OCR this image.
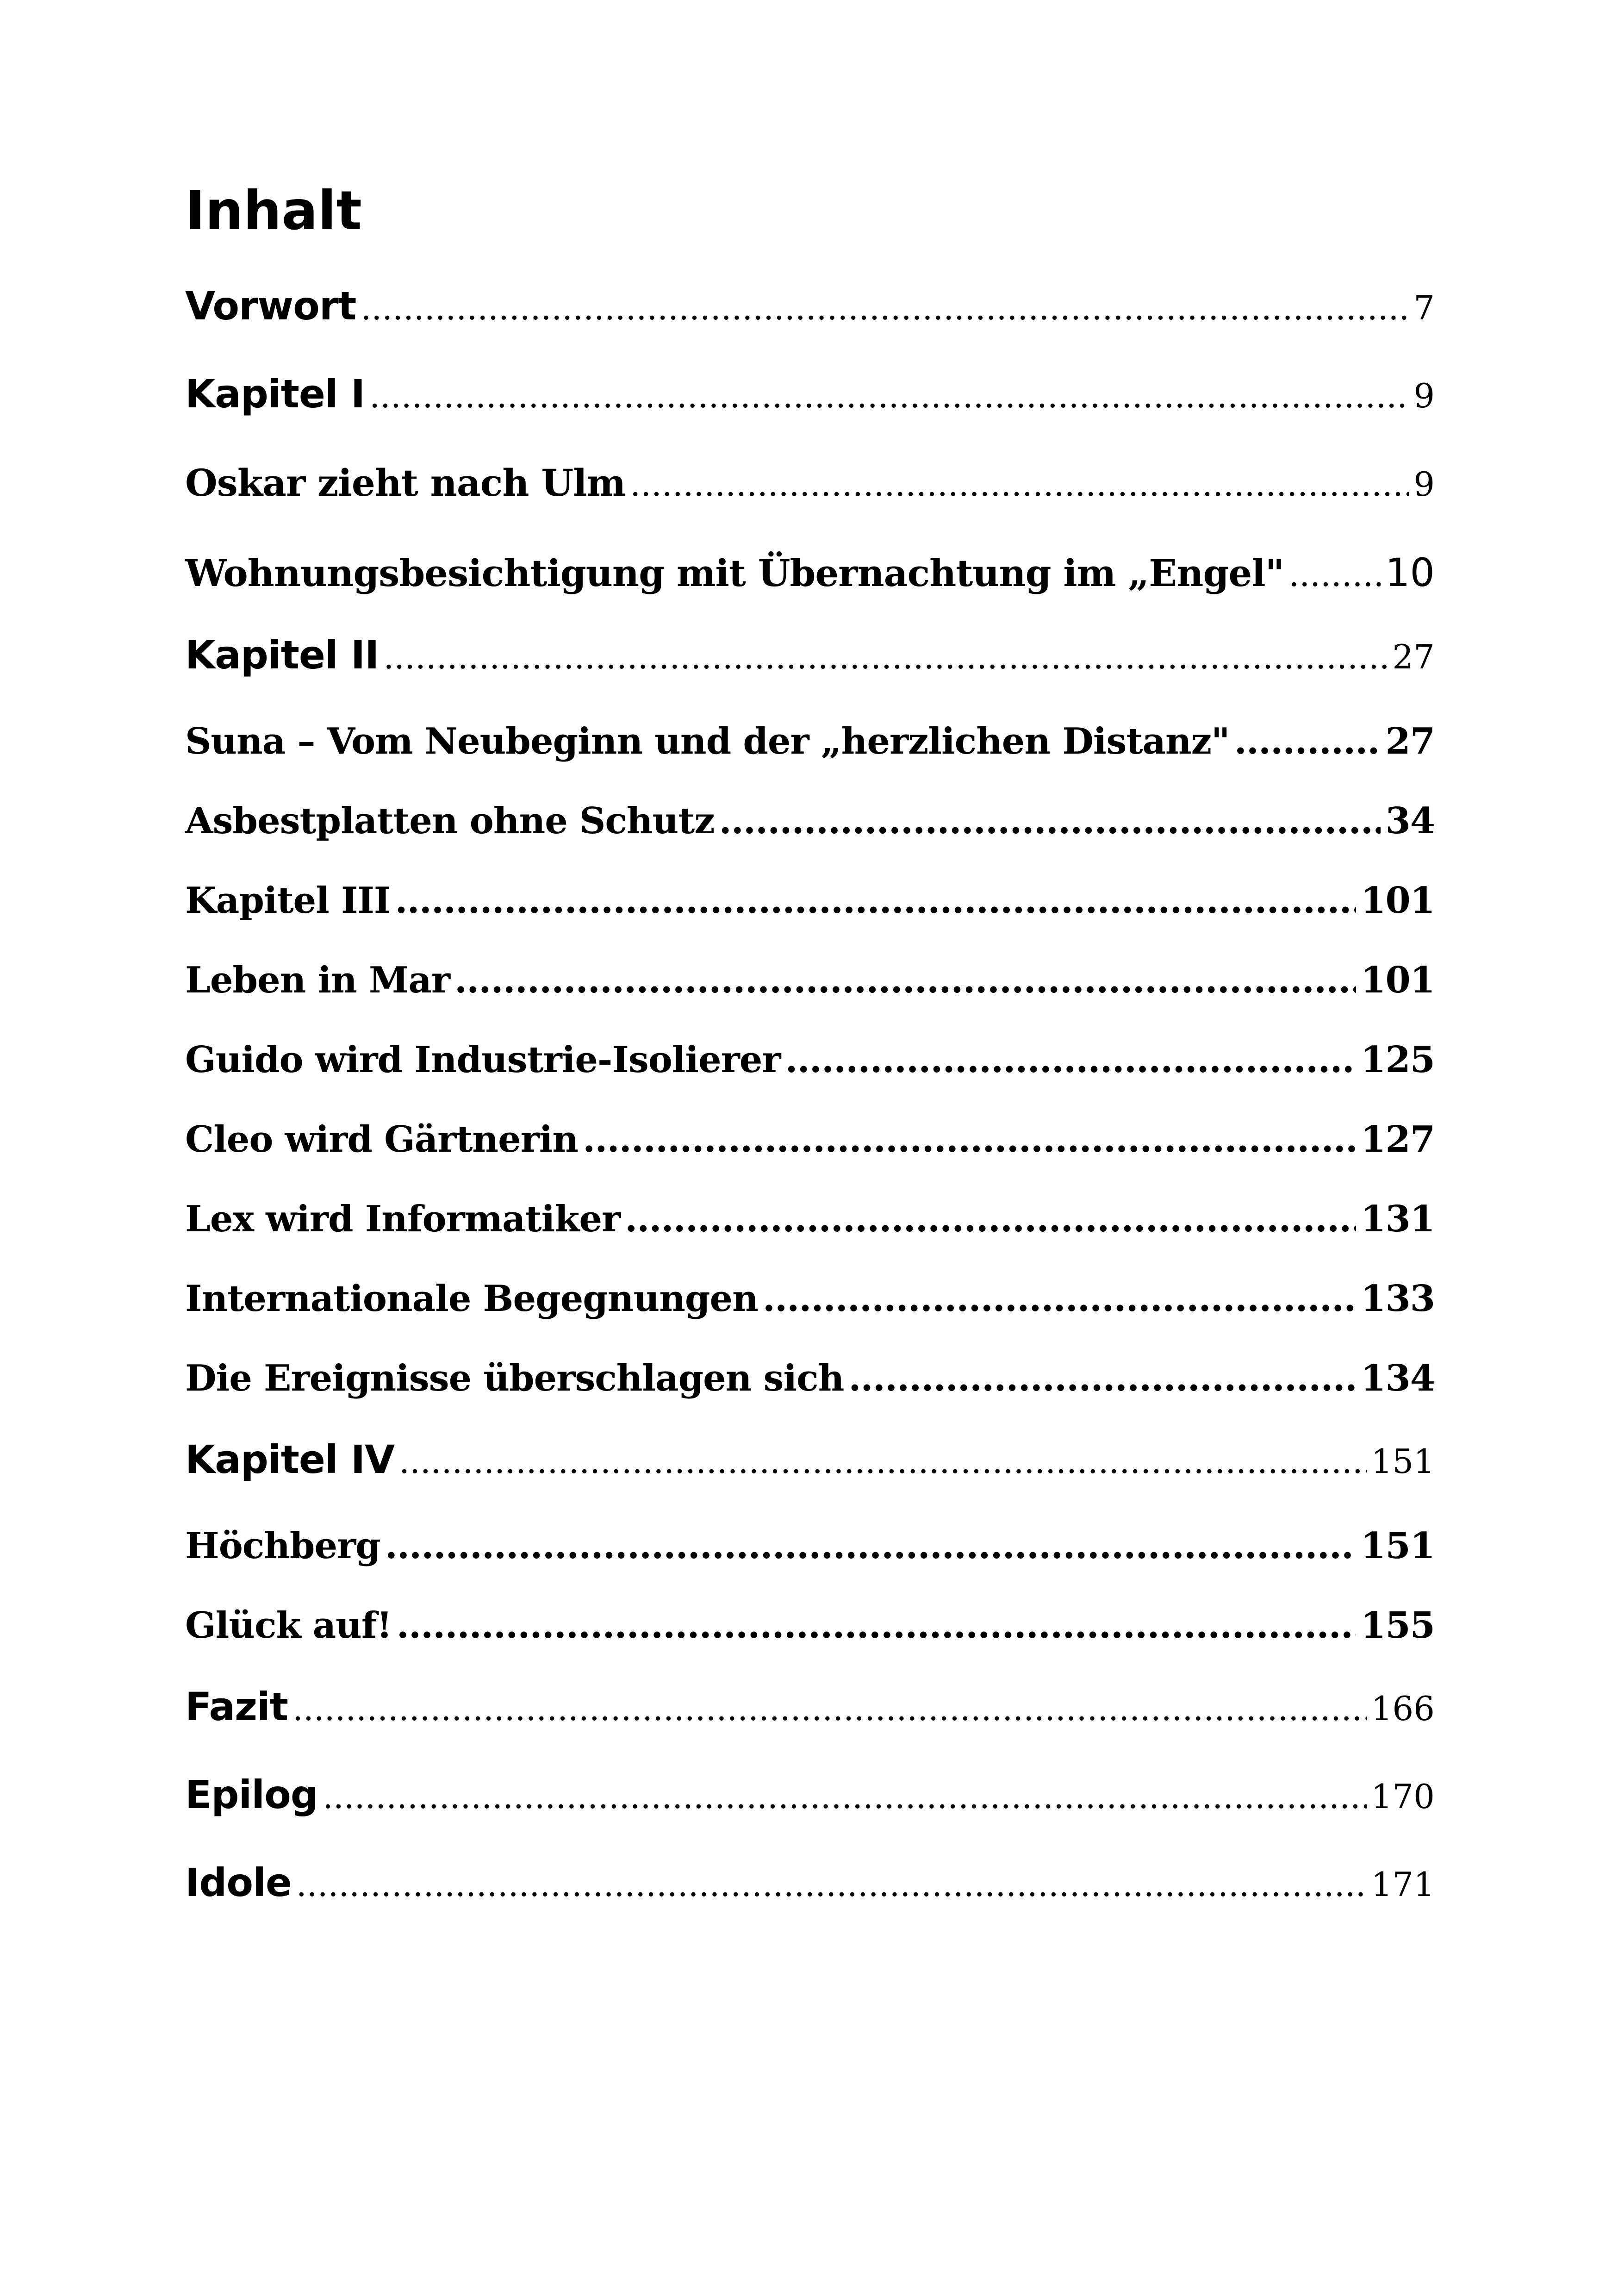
Inhalt
Vorwort .....	7
Kapitel I .....	9
Oskar zieht nach Ulm .....	9
Wohnungsbesichtigung mit Übernachtung im „Engel" .....	10
Kapitel II .....	27
Suna – Vom Neubeginn und der „herzlichen Distanz" .....	27
Asbestplatten ohne Schutz .....	34
Kapitel III .....	101
Leben in Mar .....	101
Guido wird Industrie-Isolierer .....	125
Cleo wird Gärtnerin .....	127
Lex wird Informatiker .....	131
Internationale Begegnungen .....	133
Die Ereignisse überschlagen sich .....	134
Kapitel IV .....	151
Höchberg .....	151
Glück auf! .....	155
Fazit .....	166
Epilog .....	170
Idole .....	171
